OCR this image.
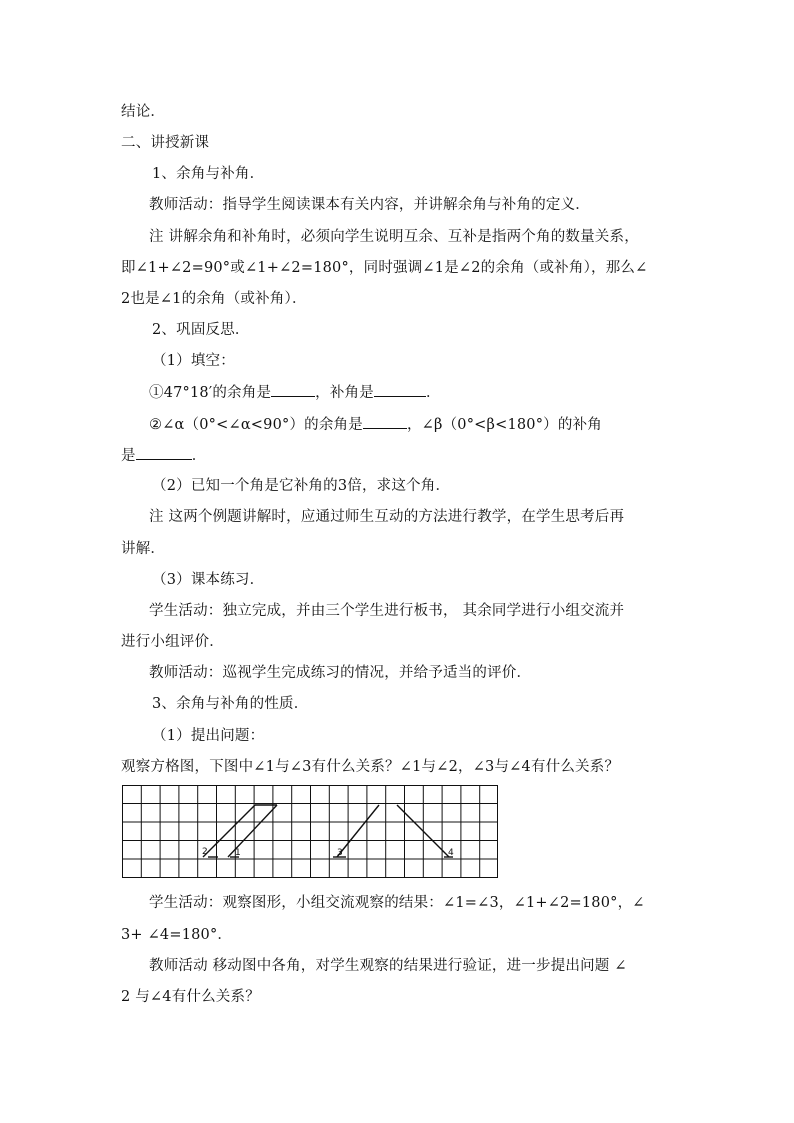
结论．
二、讲授新课
1、余角与补角．
教师活动：指导学生阅读课本有关内容，并讲解余角与补角的定义．
注 讲解余角和补角时，必须向学生说明互余、互补是指两个角的数量关系，
即∠1+∠2=90°或∠1+∠2=180°，同时强调∠1是∠2的余角（或补角），那么∠
2也是∠1的余角（或补角）．
2、巩固反思．
（1）填空：
①47°18′的余角是	，补角是	．
②∠α（0°<∠α<90°）的余角是	，∠β（0°<β<180°）的补角
是	．
（2）已知一个角是它补角的3倍，求这个角．
注 这两个例题讲解时，应通过师生互动的方法进行教学，在学生思考后再
讲解．
（3）课本练习．
学生活动：独立完成，并由三个学生进行板书， 其余同学进行小组交流并
进行小组评价．
教师活动：巡视学生完成练习的情况，并给予适当的评价．
3、余角与补角的性质．
（1）提出问题：
观察方格图，下图中∠1与∠3有什么关系？∠1与∠2，∠3与∠4有什么关系？
2	1	3	4
学生活动：观察图形，小组交流观察的结果：∠1=∠3，∠1+∠2=180°，∠
3+ ∠4=180°．
教师活动 移动图中各角，对学生观察的结果进行验证，进一步提出问题 ∠
2 与∠4有什么关系？
